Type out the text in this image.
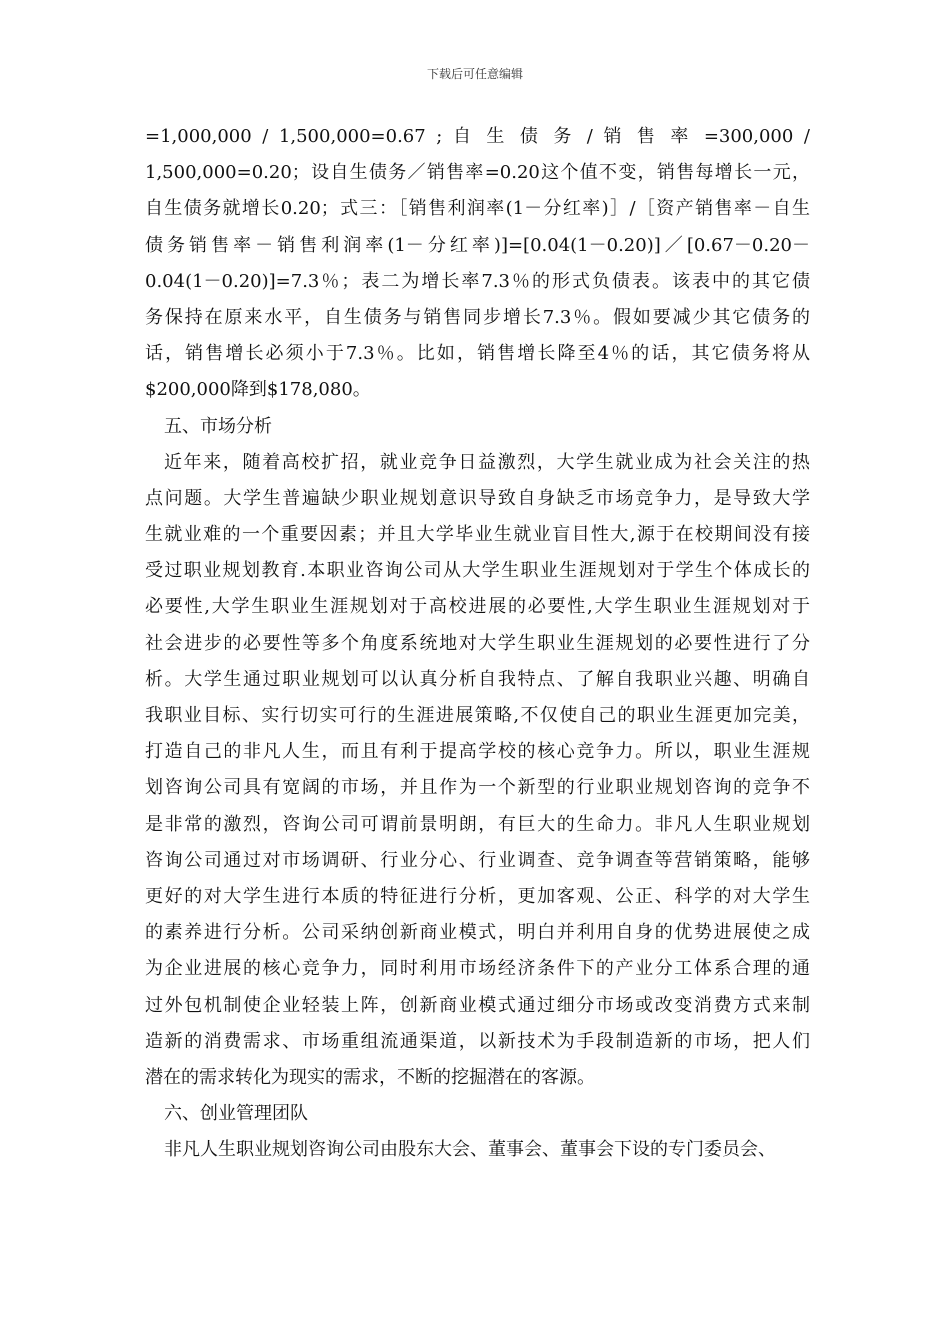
下载后可任意编辑
=1,000,000 / 1,500,000=0.67 ; 自 生 债 务 / 销 售 率 =300,000 /
1,500,000=0.20；设自生债务／销售率=0.20这个值不变，销售每增长一元，
自生债务就增长0.20；式三：［销售利润率(1－分红率)］/［资产销售率－自生
债务销售率－销售利润率(1－分红率)]=[0.04(1－0.20)]／[0.67－0.20－
0.04(1－0.20)]=7.3％；表二为增长率7.3％的形式负债表。该表中的其它债
务保持在原来水平，自生债务与销售同步增长7.3％。假如要减少其它债务的
话，销售增长必须小于7.3％。比如，销售增长降至4％的话，其它债务将从
$200,000降到$178,080。
五、市场分析
近年来，随着高校扩招，就业竞争日益激烈，大学生就业成为社会关注的热
点问题。大学生普遍缺少职业规划意识导致自身缺乏市场竞争力，是导致大学
生就业难的一个重要因素；并且大学毕业生就业盲目性大,源于在校期间没有接
受过职业规划教育.本职业咨询公司从大学生职业生涯规划对于学生个体成长的
必要性,大学生职业生涯规划对于高校进展的必要性,大学生职业生涯规划对于
社会进步的必要性等多个角度系统地对大学生职业生涯规划的必要性进行了分
析。大学生通过职业规划可以认真分析自我特点、了解自我职业兴趣、明确自
我职业目标、实行切实可行的生涯进展策略,不仅使自己的职业生涯更加完美，
打造自己的非凡人生，而且有利于提高学校的核心竞争力。所以，职业生涯规
划咨询公司具有宽阔的市场，并且作为一个新型的行业职业规划咨询的竞争不
是非常的激烈，咨询公司可谓前景明朗，有巨大的生命力。非凡人生职业规划
咨询公司通过对市场调研、行业分心、行业调查、竞争调查等营销策略，能够
更好的对大学生进行本质的特征进行分析，更加客观、公正、科学的对大学生
的素养进行分析。公司采纳创新商业模式，明白并利用自身的优势进展使之成
为企业进展的核心竞争力，同时利用市场经济条件下的产业分工体系合理的通
过外包机制使企业轻装上阵，创新商业模式通过细分市场或改变消费方式来制
造新的消费需求、市场重组流通渠道，以新技术为手段制造新的市场，把人们
潜在的需求转化为现实的需求，不断的挖掘潜在的客源。
六、创业管理团队
非凡人生职业规划咨询公司由股东大会、董事会、董事会下设的专门委员会、
